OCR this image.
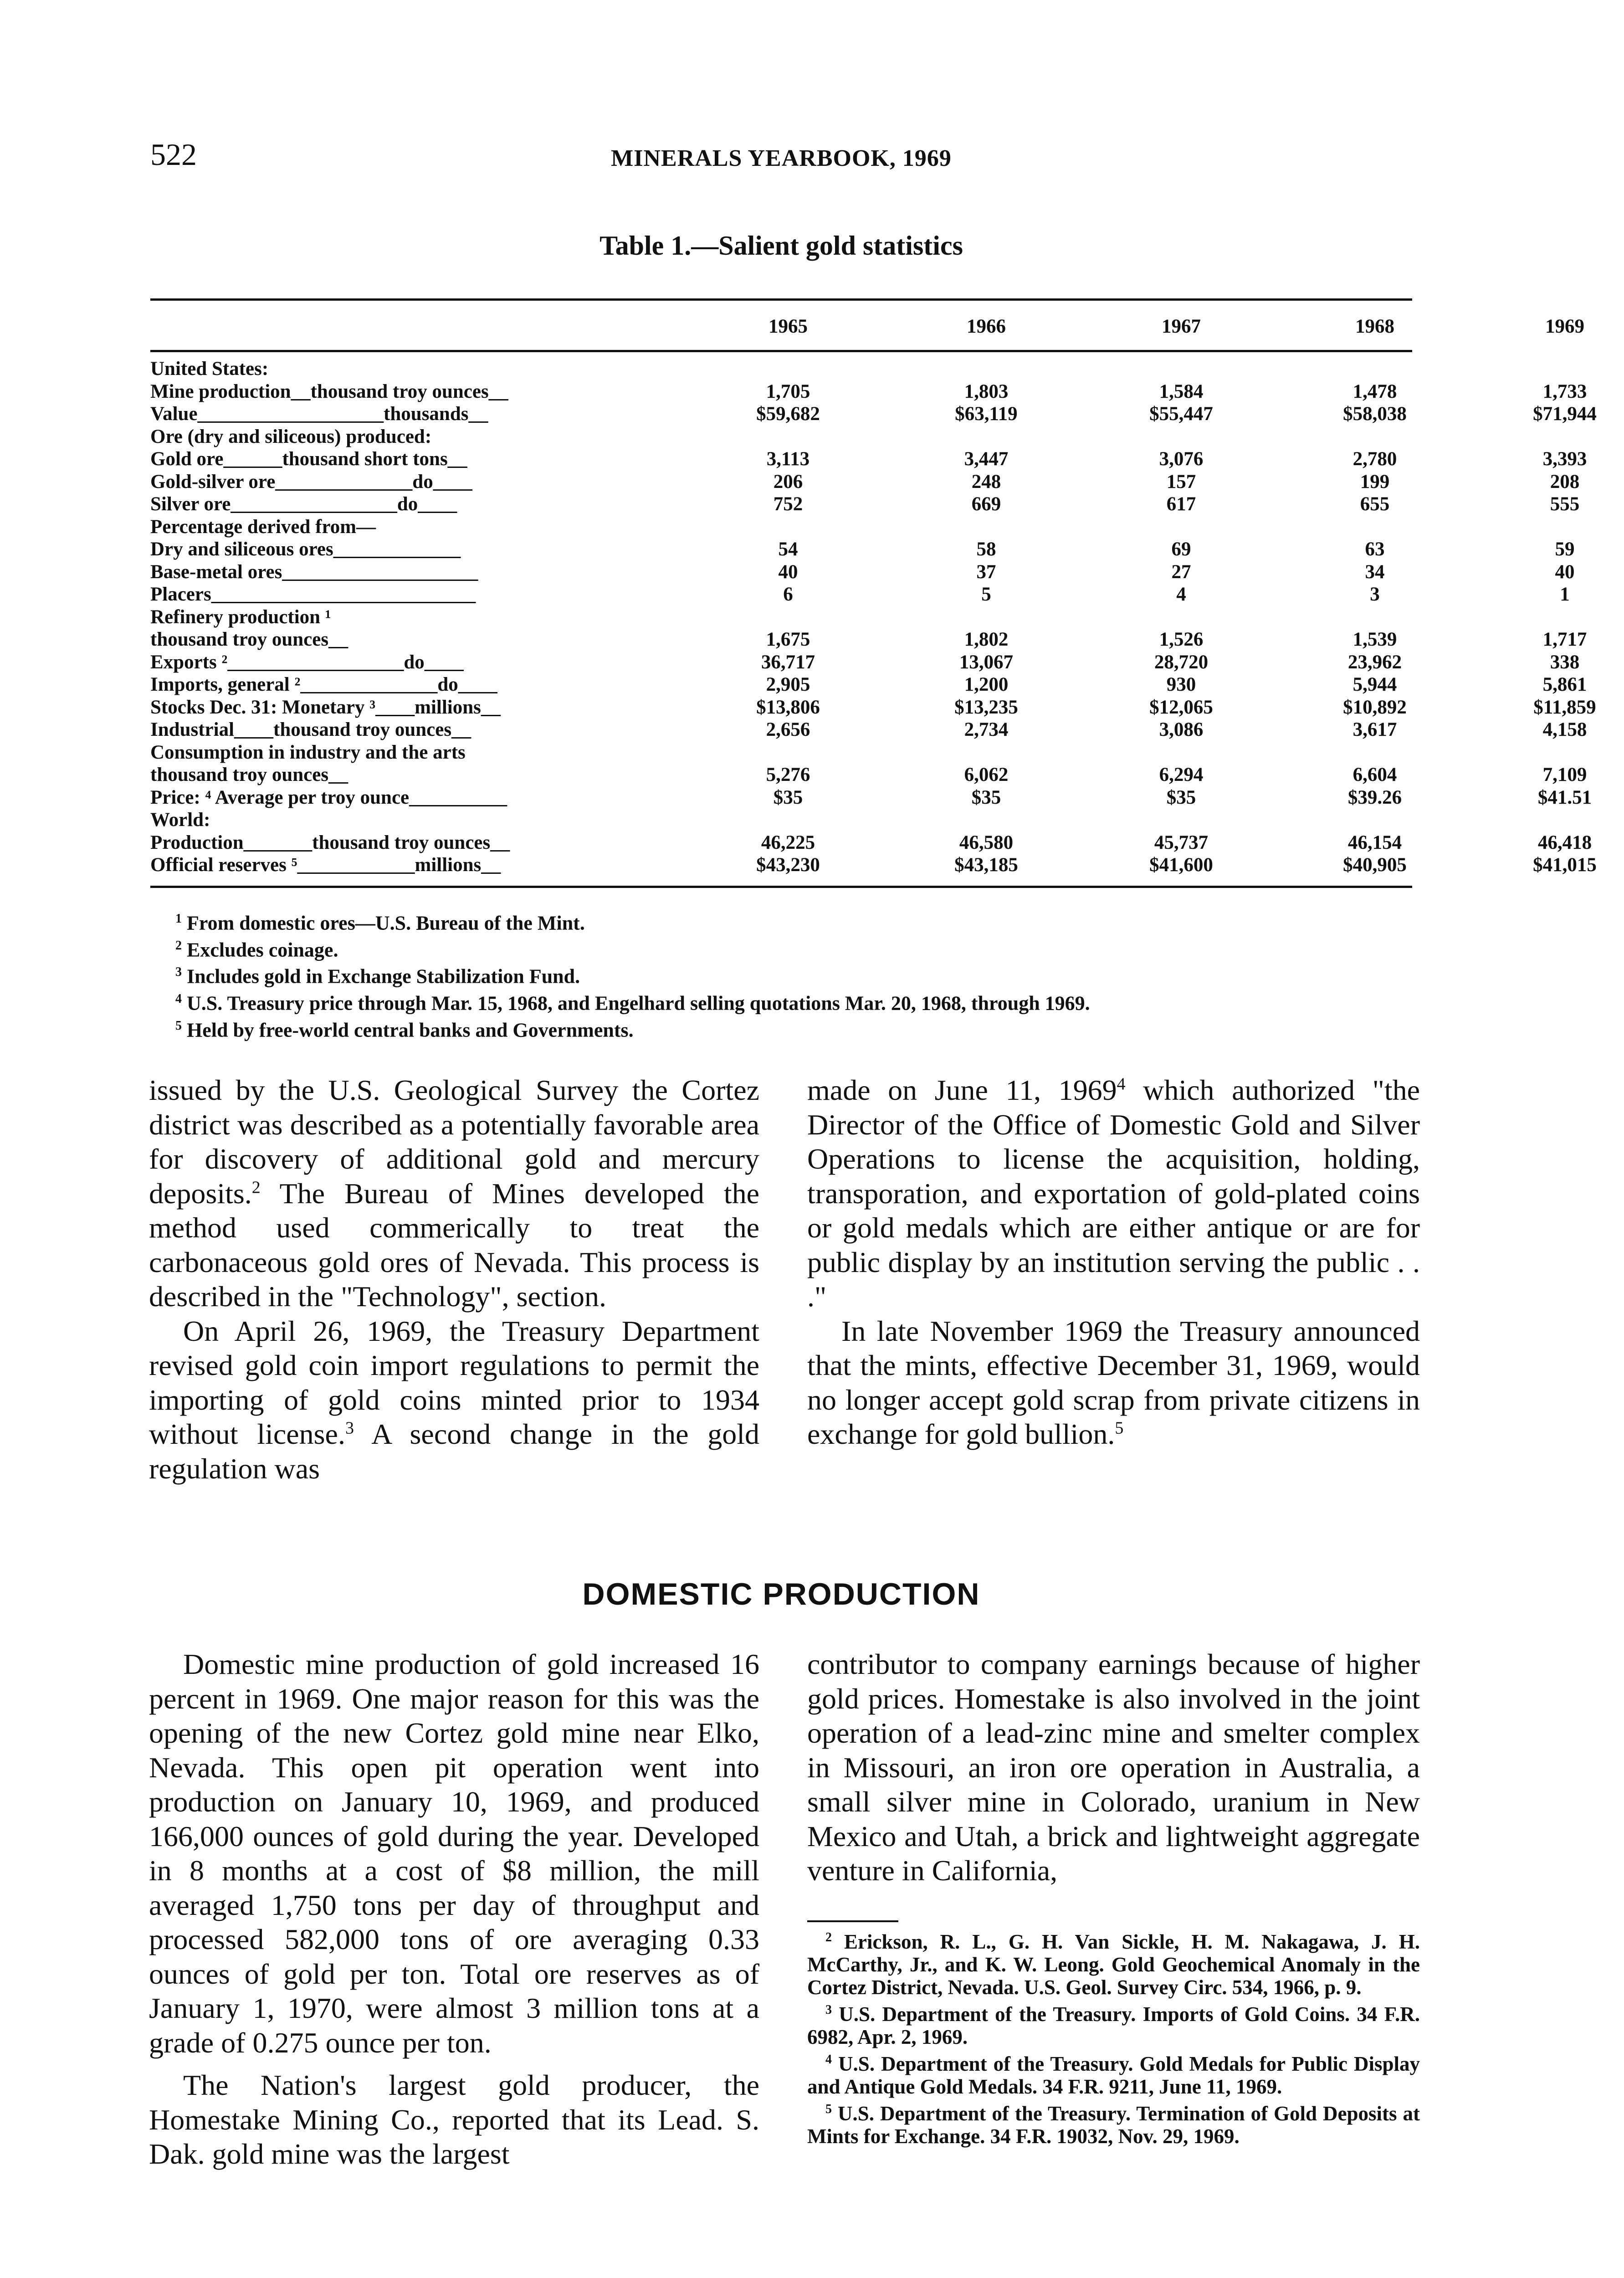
522	MINERALS YEARBOOK, 1969
Table 1.—Salient gold statistics
1965	1966	1967	1968	1969
United States:
Mine production__thousand troy ounces__	1,705	1,803	1,584	1,478	1,733
Value___________________thousands__	$59,682	$63,119	$55,447	$58,038	$71,944
Ore (dry and siliceous) produced:
Gold ore______thousand short tons__	3,113	3,447	3,076	2,780	3,393
Gold-silver ore______________do____	206	248	157	199	208
Silver ore_________________do____	752	669	617	655	555
Percentage derived from—
Dry and siliceous ores_____________	54	58	69	63	59
Base-metal ores____________________	40	37	27	34	40
Placers___________________________	6	5	4	3	1
Refinery production ¹
thousand troy ounces__	1,675	1,802	1,526	1,539	1,717
Exports ²__________________do____	36,717	13,067	28,720	23,962	338
Imports, general ²______________do____	2,905	1,200	930	5,944	5,861
Stocks Dec. 31: Monetary ³____millions__	$13,806	$13,235	$12,065	$10,892	$11,859
Industrial____thousand troy ounces__	2,656	2,734	3,086	3,617	4,158
Consumption in industry and the arts
thousand troy ounces__	5,276	6,062	6,294	6,604	7,109
Price: ⁴ Average per troy ounce__________	$35	$35	$35	$39.26	$41.51
World:
Production_______thousand troy ounces__	46,225	46,580	45,737	46,154	46,418
Official reserves ⁵____________millions__	$43,230	$43,185	$41,600	$40,905	$41,015
$^1$ From domestic ores—U.S. Bureau of the Mint.
$^2$ Excludes coinage.
$^3$ Includes gold in Exchange Stabilization Fund.
$^4$ U.S. Treasury price through Mar. 15, 1968, and Engelhard selling quotations Mar. 20, 1968, through 1969.
$^5$ Held by free-world central banks and Governments.

issued by the U.S. Geological Survey the Cortez district was described as a potentially favorable area for discovery of additional gold and mercury deposits.$^2$ The Bureau of Mines developed the method used commerically to treat the carbonaceous gold ores of Nevada. This process is described in the "Technology", section.

On April 26, 1969, the Treasury Department revised gold coin import regulations to permit the importing of gold coins minted prior to 1934 without license.$^3$ A second change in the gold regulation was

made on June 11, 1969$^4$ which authorized "the Director of the Office of Domestic Gold and Silver Operations to license the acquisition, holding, transporation, and exportation of gold-plated coins or gold medals which are either antique or are for public display by an institution serving the public . . ."

In late November 1969 the Treasury announced that the mints, effective December 31, 1969, would no longer accept gold scrap from private citizens in exchange for gold bullion.$^5$

DOMESTIC PRODUCTION

Domestic mine production of gold increased 16 percent in 1969. One major reason for this was the opening of the new Cortez gold mine near Elko, Nevada. This open pit operation went into production on January 10, 1969, and produced 166,000 ounces of gold during the year. Developed in 8 months at a cost of $8 million, the mill averaged 1,750 tons per day of throughput and processed 582,000 tons of ore averaging 0.33 ounces of gold per ton. Total ore reserves as of January 1, 1970, were almost 3 million tons at a grade of 0.275 ounce per ton.

The Nation's largest gold producer, the Homestake Mining Co., reported that its Lead. S. Dak. gold mine was the largest

contributor to company earnings because of higher gold prices. Homestake is also involved in the joint operation of a lead-zinc mine and smelter complex in Missouri, an iron ore operation in Australia, a small silver mine in Colorado, uranium in New Mexico and Utah, a brick and lightweight aggregate venture in California,

$^2$ Erickson, R. L., G. H. Van Sickle, H. M. Nakagawa, J. H. McCarthy, Jr., and K. W. Leong. Gold Geochemical Anomaly in the Cortez District, Nevada. U.S. Geol. Survey Circ. 534, 1966, p. 9.

$^3$ U.S. Department of the Treasury. Imports of Gold Coins. 34 F.R. 6982, Apr. 2, 1969.

$^4$ U.S. Department of the Treasury. Gold Medals for Public Display and Antique Gold Medals. 34 F.R. 9211, June 11, 1969.

$^5$ U.S. Department of the Treasury. Termination of Gold Deposits at Mints for Exchange. 34 F.R. 19032, Nov. 29, 1969.
